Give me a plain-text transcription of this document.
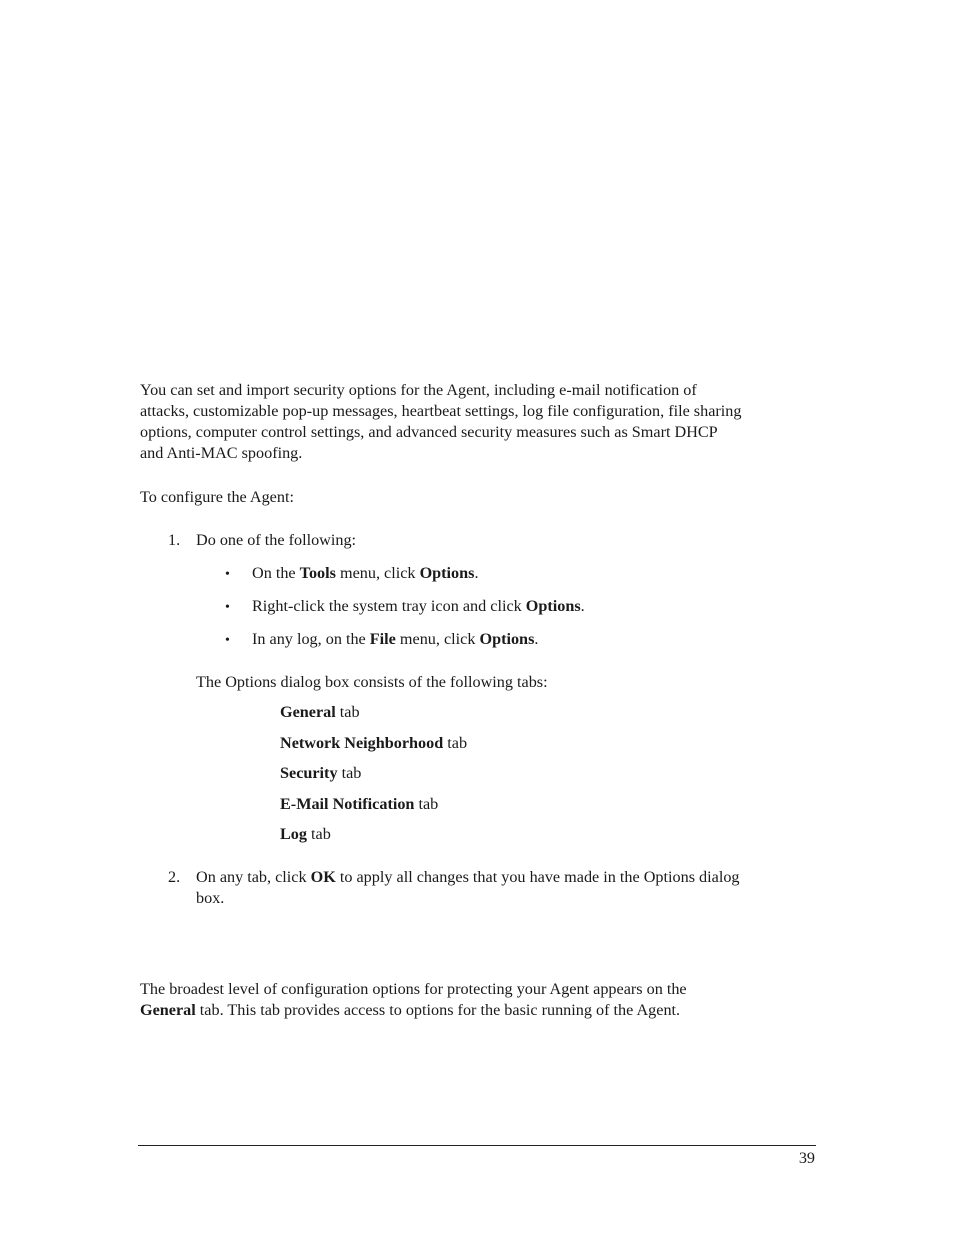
You can set and import security options for the Agent, including e-mail notification of

attacks, customizable pop-up messages, heartbeat settings, log file configuration, file sharing

options, computer control settings, and advanced security measures such as Smart DHCP

and Anti-MAC spoofing.

To configure the Agent:
1. Do one of the following:
• On the Tools menu, click Options.
• Right-click the system tray icon and click Options.
• In any log, on the File menu, click Options.
The Options dialog box consists of the following tabs:
General tab
Network Neighborhood tab
Security tab
E-Mail Notification tab
Log tab
2. On any tab, click OK to apply all changes that you have made in the Options dialog
box.
The broadest level of configuration options for protecting your Agent appears on the
General tab. This tab provides access to options for the basic running of the Agent.
39
